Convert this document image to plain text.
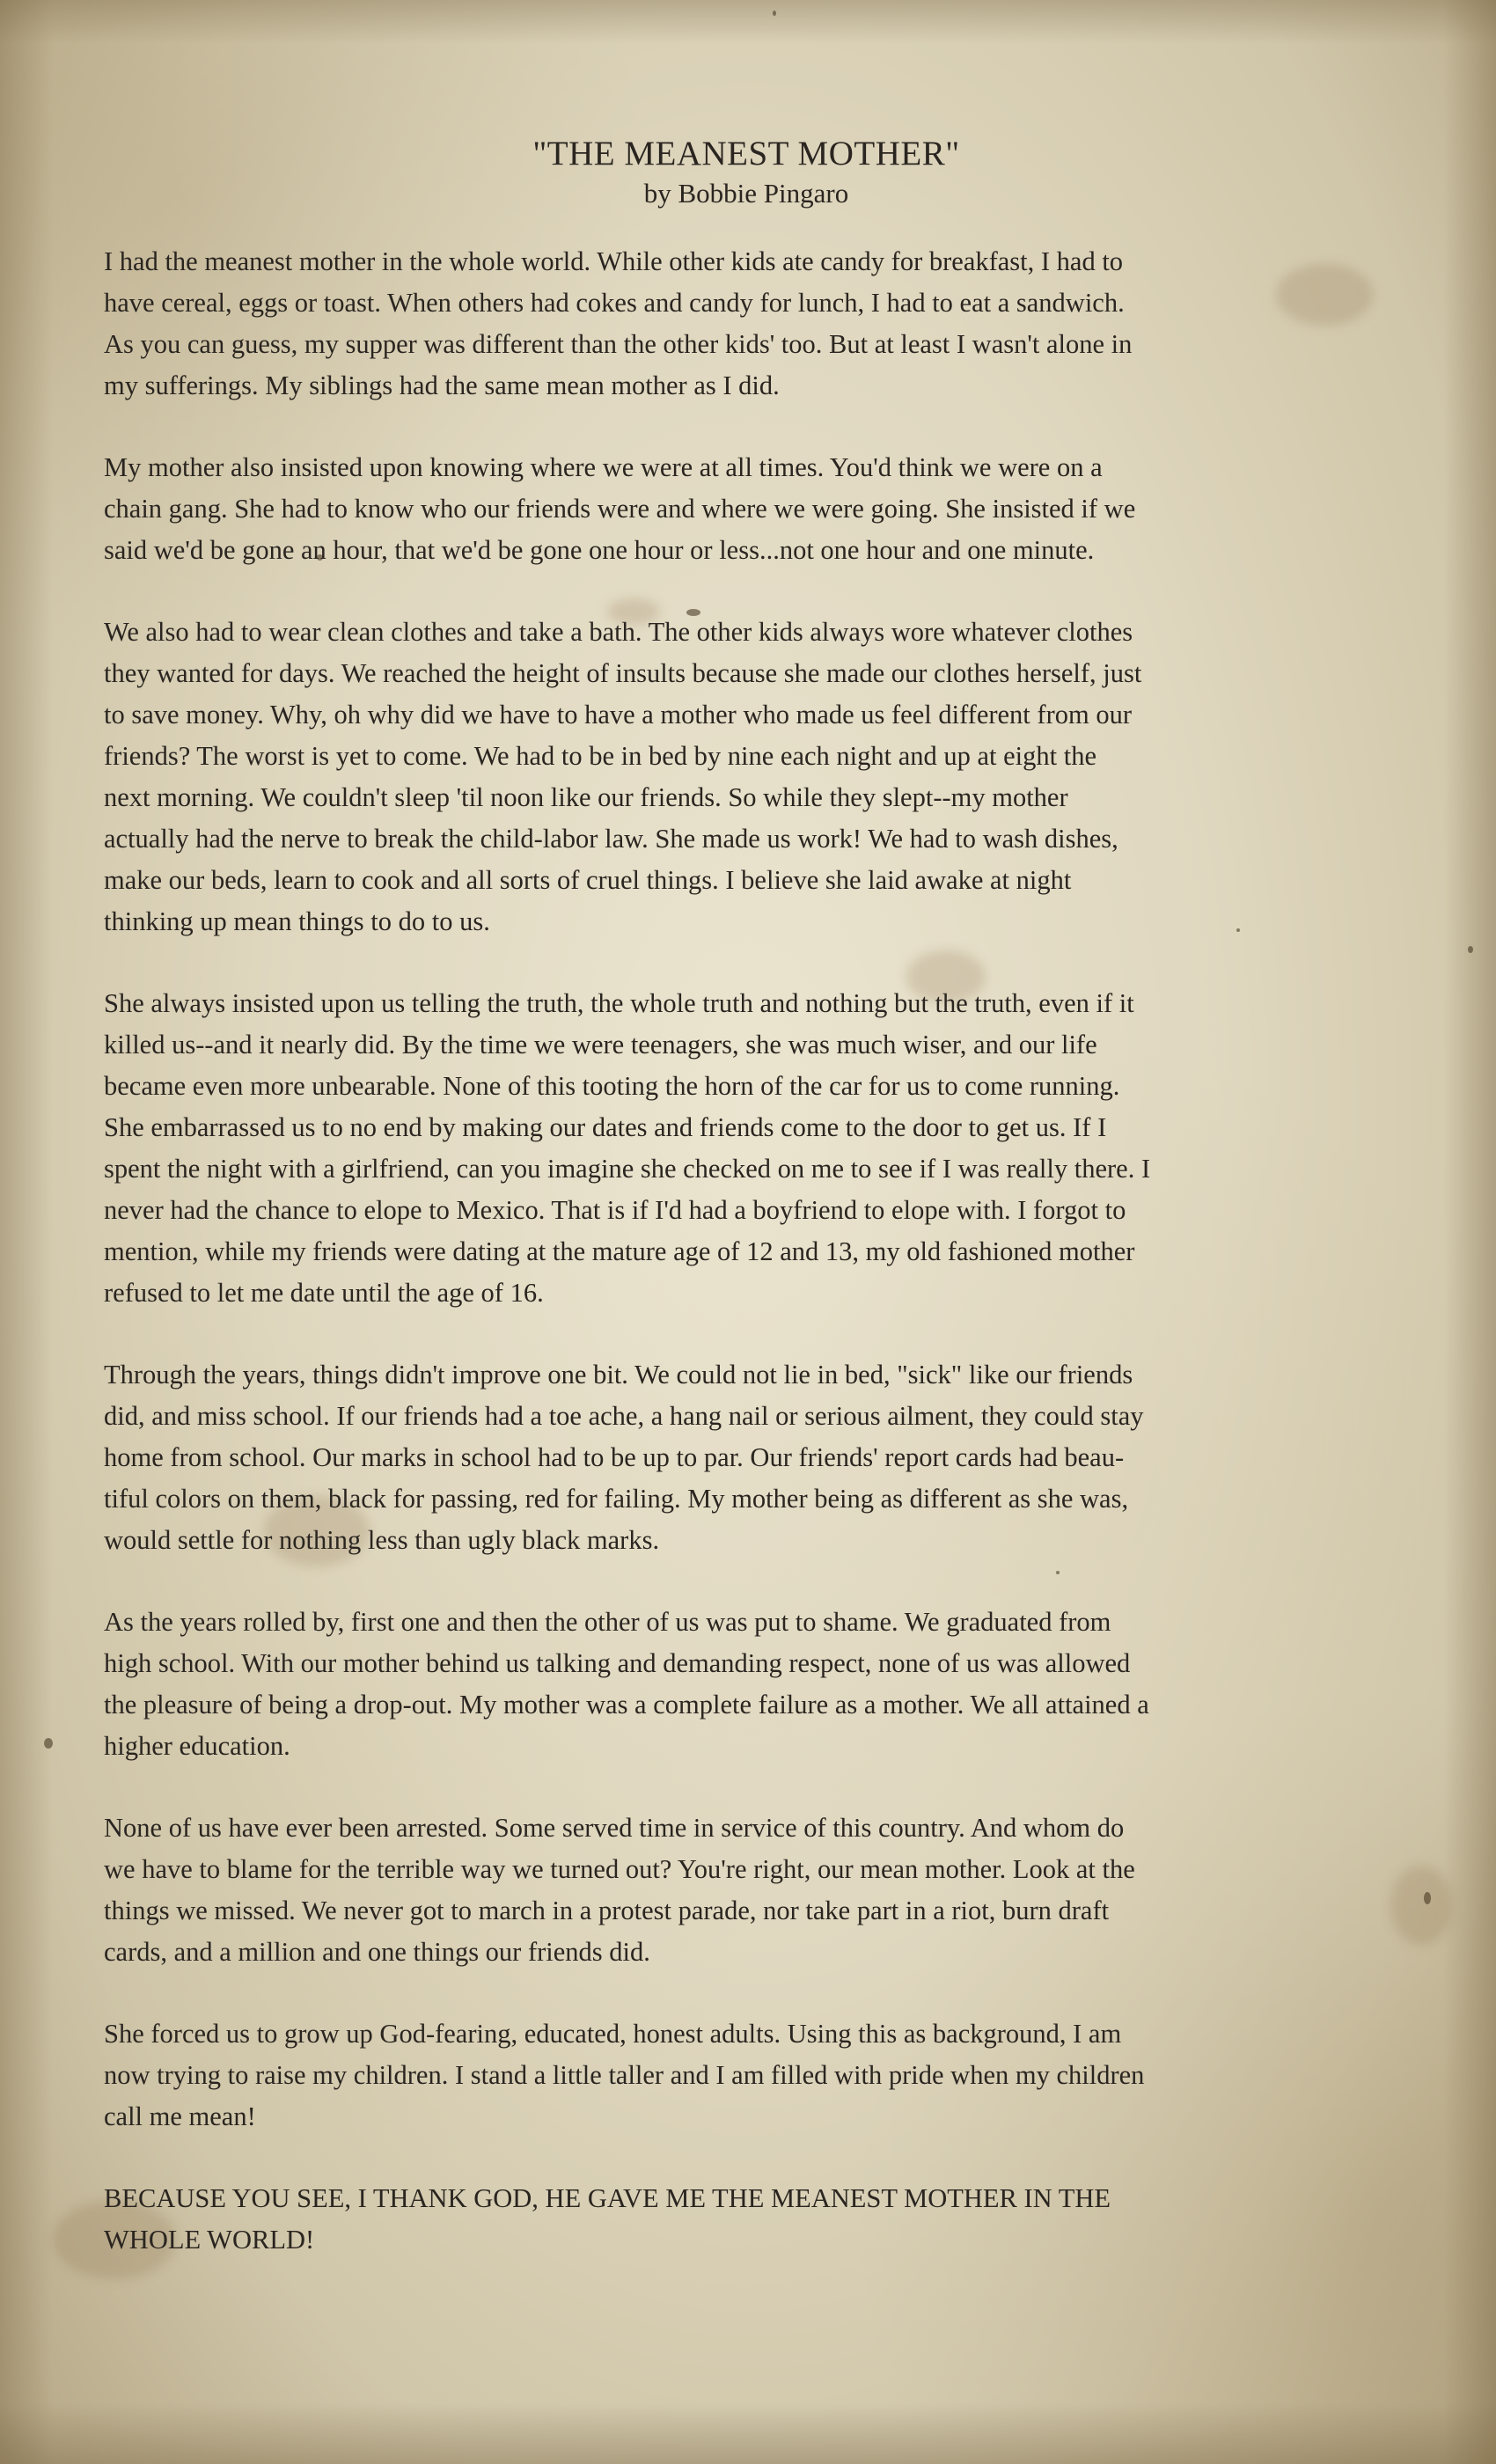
"THE MEANEST MOTHER"
by Bobbie Pingaro
I had the meanest mother in the whole world. While other kids ate candy for breakfast, I had to
have cereal, eggs or toast. When others had cokes and candy for lunch, I had to eat a sandwich.
As you can guess, my supper was different than the other kids' too. But at least I wasn't alone in
my sufferings. My siblings had the same mean mother as I did.
My mother also insisted upon knowing where we were at all times. You'd think we were on a
chain gang. She had to know who our friends were and where we were going. She insisted if we
said we'd be gone an hour, that we'd be gone one hour or less...not one hour and one minute.
We also had to wear clean clothes and take a bath. The other kids always wore whatever clothes
they wanted for days. We reached the height of insults because she made our clothes herself, just
to save money. Why, oh why did we have to have a mother who made us feel different from our
friends? The worst is yet to come. We had to be in bed by nine each night and up at eight the
next morning. We couldn't sleep 'til noon like our friends. So while they slept--my mother
actually had the nerve to break the child-labor law. She made us work! We had to wash dishes,
make our beds, learn to cook and all sorts of cruel things. I believe she laid awake at night
thinking up mean things to do to us.
She always insisted upon us telling the truth, the whole truth and nothing but the truth, even if it
killed us--and it nearly did. By the time we were teenagers, she was much wiser, and our life
became even more unbearable. None of this tooting the horn of the car for us to come running.
She embarrassed us to no end by making our dates and friends come to the door to get us. If I
spent the night with a girlfriend, can you imagine she checked on me to see if I was really there. I
never had the chance to elope to Mexico. That is if I'd had a boyfriend to elope with. I forgot to
mention, while my friends were dating at the mature age of 12 and 13, my old fashioned mother
refused to let me date until the age of 16.
Through the years, things didn't improve one bit. We could not lie in bed, "sick" like our friends
did, and miss school. If our friends had a toe ache, a hang nail or serious ailment, they could stay
home from school. Our marks in school had to be up to par. Our friends' report cards had beau-
tiful colors on them, black for passing, red for failing. My mother being as different as she was,
would settle for nothing less than ugly black marks.
As the years rolled by, first one and then the other of us was put to shame. We graduated from
high school. With our mother behind us talking and demanding respect, none of us was allowed
the pleasure of being a drop-out. My mother was a complete failure as a mother. We all attained a
higher education.
None of us have ever been arrested. Some served time in service of this country. And whom do
we have to blame for the terrible way we turned out? You're right, our mean mother. Look at the
things we missed. We never got to march in a protest parade, nor take part in a riot, burn draft
cards, and a million and one things our friends did.
She forced us to grow up God-fearing, educated, honest adults. Using this as background, I am
now trying to raise my children. I stand a little taller and I am filled with pride when my children
call me mean!
BECAUSE YOU SEE, I THANK GOD, HE GAVE ME THE MEANEST MOTHER IN THE
WHOLE WORLD!
